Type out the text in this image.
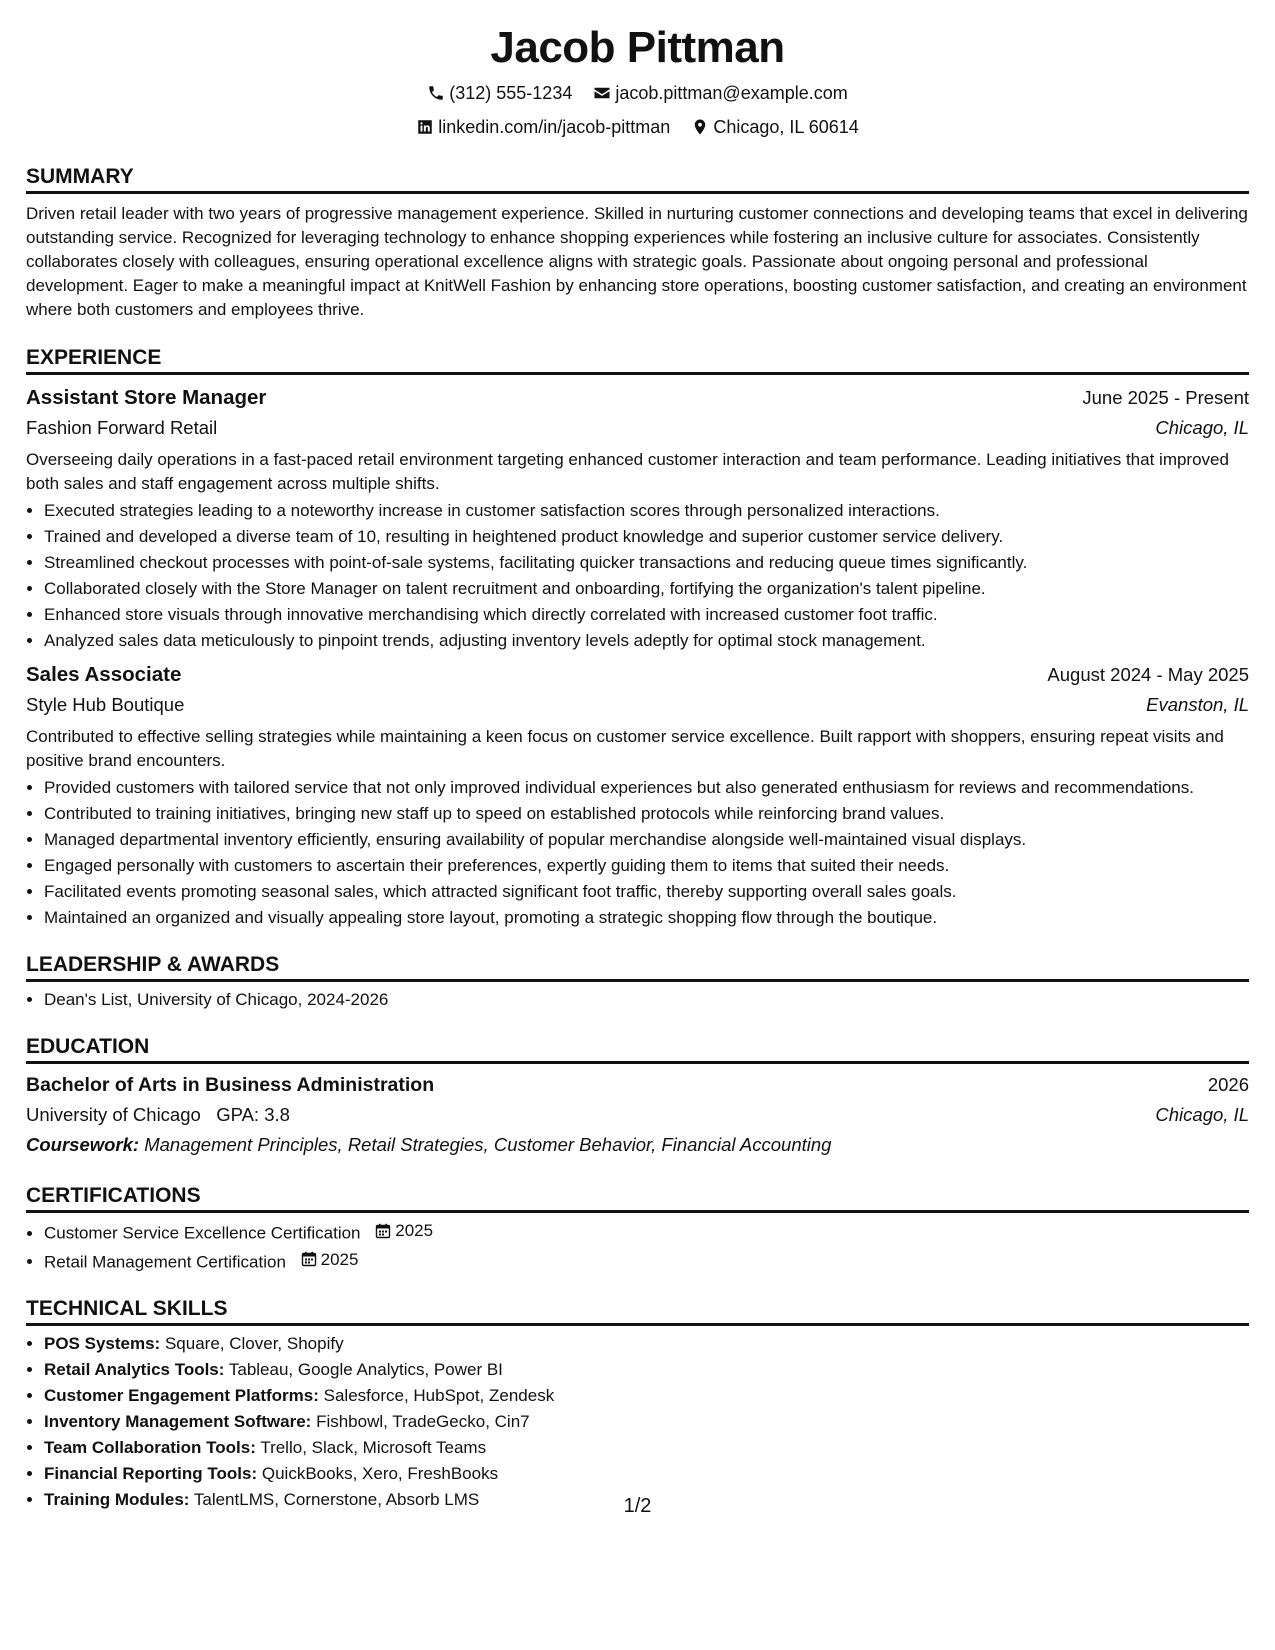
Jacob Pittman
(312) 555-1234
jacob.pittman@example.com
linkedin.com/in/jacob-pittman
Chicago, IL 60614
SUMMARY

Driven retail leader with two years of progressive management experience. Skilled in nurturing customer connections and developing teams that excel in delivering outstanding service. Recognized for leveraging technology to enhance shopping experiences while fostering an inclusive culture for associates. Consistently collaborates closely with colleagues, ensuring operational excellence aligns with strategic goals. Passionate about ongoing personal and professional development. Eager to make a meaningful impact at KnitWell Fashion by enhancing store operations, boosting customer satisfaction, and creating an environment where both customers and employees thrive.

EXPERIENCE
Assistant Store Manager	June 2025 - Present
Fashion Forward Retail	Chicago, IL

Overseeing daily operations in a fast-paced retail environment targeting enhanced customer interaction and team performance. Leading initiatives that improved both sales and staff engagement across multiple shifts.

• Executed strategies leading to a noteworthy increase in customer satisfaction scores through personalized interactions.
• Trained and developed a diverse team of 10, resulting in heightened product knowledge and superior customer service delivery.
• Streamlined checkout processes with point-of-sale systems, facilitating quicker transactions and reducing queue times significantly.
• Collaborated closely with the Store Manager on talent recruitment and onboarding, fortifying the organization's talent pipeline.
• Enhanced store visuals through innovative merchandising which directly correlated with increased customer foot traffic.
• Analyzed sales data meticulously to pinpoint trends, adjusting inventory levels adeptly for optimal stock management.
Sales Associate	August 2024 - May 2025
Style Hub Boutique	Evanston, IL

Contributed to effective selling strategies while maintaining a keen focus on customer service excellence. Built rapport with shoppers, ensuring repeat visits and positive brand encounters.

• Provided customers with tailored service that not only improved individual experiences but also generated enthusiasm for reviews and recommendations.
• Contributed to training initiatives, bringing new staff up to speed on established protocols while reinforcing brand values.
• Managed departmental inventory efficiently, ensuring availability of popular merchandise alongside well-maintained visual displays.
• Engaged personally with customers to ascertain their preferences, expertly guiding them to items that suited their needs.
• Facilitated events promoting seasonal sales, which attracted significant foot traffic, thereby supporting overall sales goals.
• Maintained an organized and visually appealing store layout, promoting a strategic shopping flow through the boutique.
LEADERSHIP & AWARDS
• Dean's List, University of Chicago, 2024-2026
EDUCATION
Bachelor of Arts in Business Administration	2026
University of Chicago GPA: 3.8	Chicago, IL
Coursework: Management Principles, Retail Strategies, Customer Behavior, Financial Accounting
CERTIFICATIONS
• Customer Service Excellence Certification 2025
• Retail Management Certification 2025
TECHNICAL SKILLS
• POS Systems: Square, Clover, Shopify
• Retail Analytics Tools: Tableau, Google Analytics, Power BI
• Customer Engagement Platforms: Salesforce, HubSpot, Zendesk
• Inventory Management Software: Fishbowl, TradeGecko, Cin7
• Team Collaboration Tools: Trello, Slack, Microsoft Teams
• Financial Reporting Tools: QuickBooks, Xero, FreshBooks
• Training Modules: TalentLMS, Cornerstone, Absorb LMS	1/2
